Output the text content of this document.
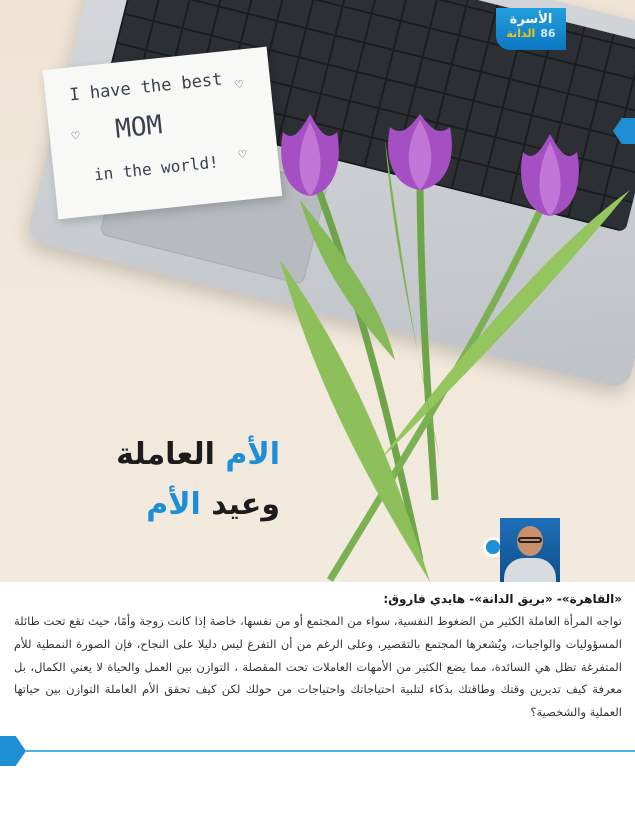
I have the best
MOM
in the world!
♡
♡
♡
الأسرة
الدانة 86
الأم العاملة
وعيد الأم

«القاهرة»- «بريق الدانة»- هايدي فاروق:

تواجه المرأة العاملة الكثير من الضغوط النفسية، سواء من المجتمع أو من نفسها، خاصة إذا كانت زوجة وأمًا، حيث تقع تحت طائلة المسؤوليات والواجبات، ويُشعرها المجتمع بالتقصير، وعلى الرغم من أن التفرغ ليس دليلا على النجاح، فإن الصورة النمطية للأم المتفرغة تظل هي السائدة، مما يضع الكثير من الأمهات العاملات تحت المقصلة ، التوازن بين العمل والحياة لا يعني الكمال، بل معرفة كيف تديرين وقتك وطاقتك بذكاء لتلبية احتياجاتك واحتياجات من حولك لكن كيف تحقق الأم العاملة التوازن بين حياتها العملية والشخصية؟
